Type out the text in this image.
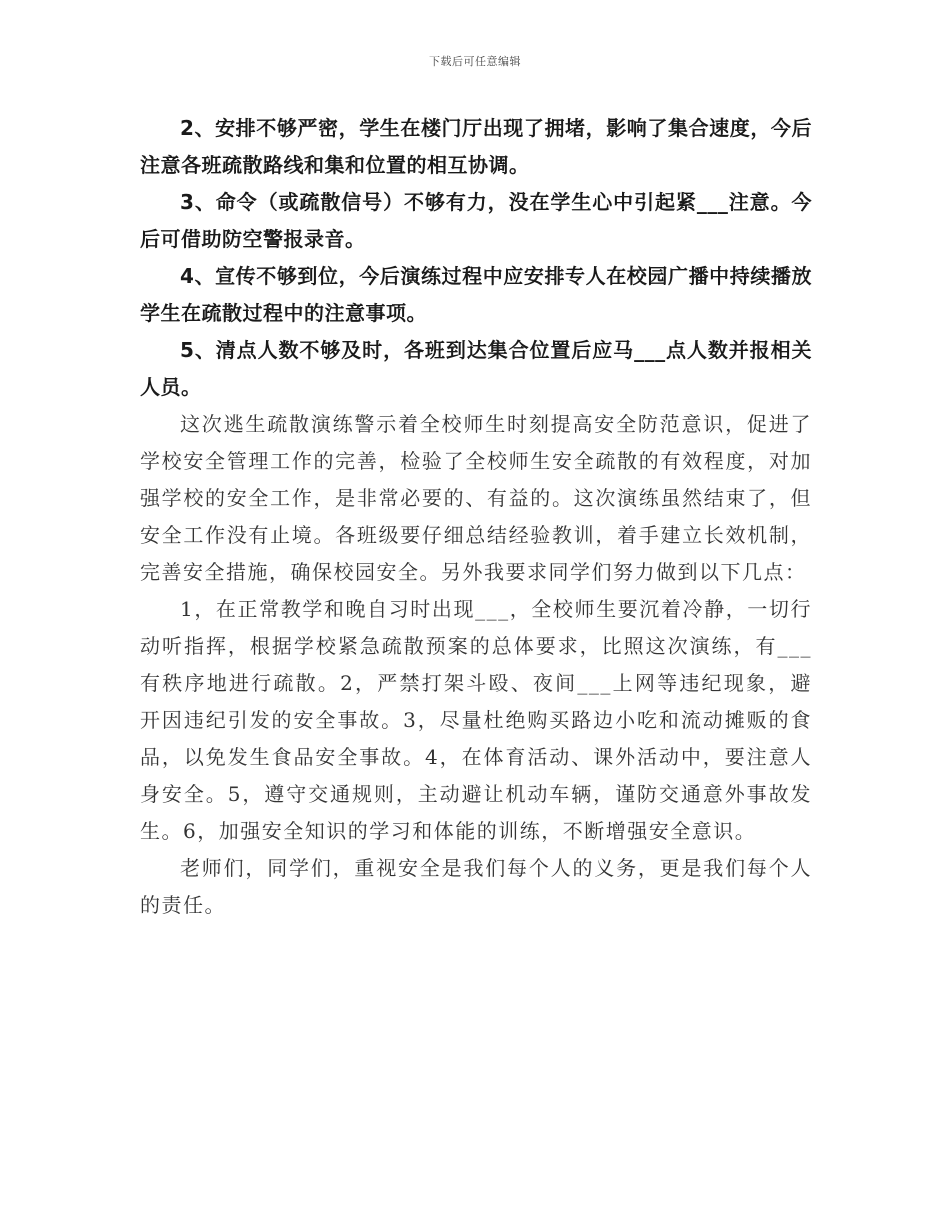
下载后可任意编辑

2、安排不够严密，学生在楼门厅出现了拥堵，影响了集合速度，今后注意各班疏散路线和集和位置的相互协调。

3、命令（或疏散信号）不够有力，没在学生心中引起紧___注意。今后可借助防空警报录音。

4、宣传不够到位，今后演练过程中应安排专人在校园广播中持续播放学生在疏散过程中的注意事项。

5、清点人数不够及时，各班到达集合位置后应马___点人数并报相关人员。

这次逃生疏散演练警示着全校师生时刻提高安全防范意识，促进了学校安全管理工作的完善，检验了全校师生安全疏散的有效程度，对加强学校的安全工作，是非常必要的、有益的。这次演练虽然结束了，但安全工作没有止境。各班级要仔细总结经验教训，着手建立长效机制，完善安全措施，确保校园安全。另外我要求同学们努力做到以下几点：

1，在正常教学和晚自习时出现___，全校师生要沉着冷静，一切行动听指挥，根据学校紧急疏散预案的总体要求，比照这次演练，有___有秩序地进行疏散。2，严禁打架斗殴、夜间___上网等违纪现象，避开因违纪引发的安全事故。3，尽量杜绝购买路边小吃和流动摊贩的食品，以免发生食品安全事故。4，在体育活动、课外活动中，要注意人身安全。5，遵守交通规则，主动避让机动车辆，谨防交通意外事故发生。6，加强安全知识的学习和体能的训练，不断增强安全意识。

老师们，同学们，重视安全是我们每个人的义务，更是我们每个人的责任。
